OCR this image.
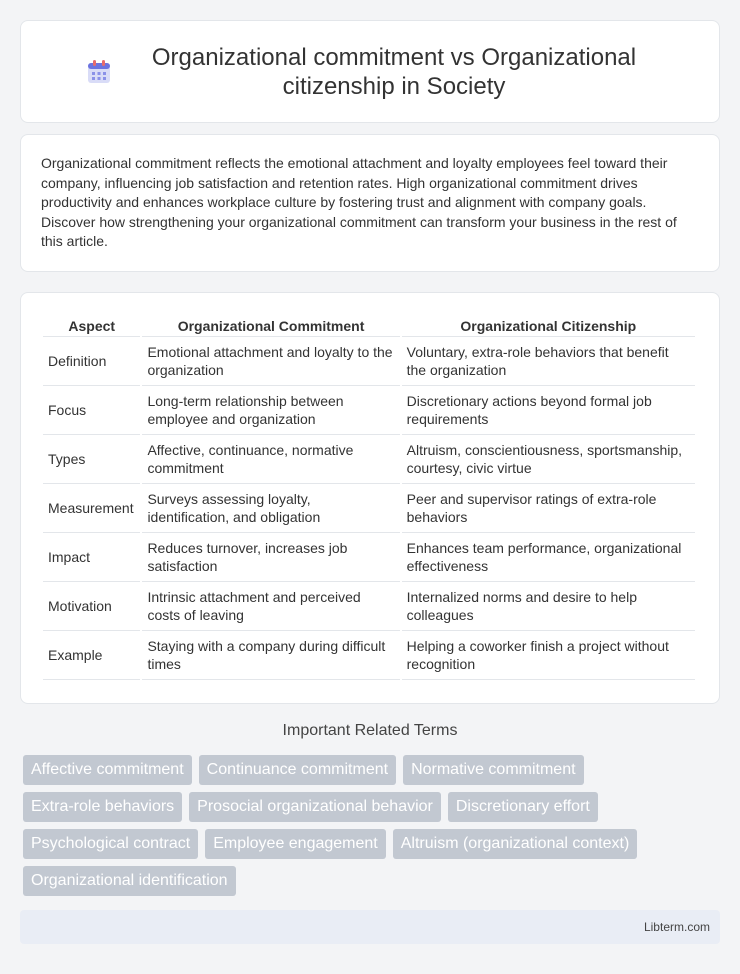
Organizational commitment vs Organizational citizenship in Society

Organizational commitment reflects the emotional attachment and loyalty employees feel toward their company, influencing job satisfaction and retention rates. High organizational commitment drives productivity and enhances workplace culture by fostering trust and alignment with company goals. Discover how strengthening your organizational commitment can transform your business in the rest of this article.

Aspect	Organizational Commitment	Organizational Citizenship
Definition	Emotional attachment and loyalty to the organization	Voluntary, extra-role behaviors that benefit the organization
Focus	Long-term relationship between employee and organization	Discretionary actions beyond formal job requirements
Types	Affective, continuance, normative commitment	Altruism, conscientiousness, sportsmanship, courtesy, civic virtue
Measurement	Surveys assessing loyalty, identification, and obligation	Peer and supervisor ratings of extra-role behaviors
Impact	Reduces turnover, increases job satisfaction	Enhances team performance, organizational effectiveness
Motivation	Intrinsic attachment and perceived costs of leaving	Internalized norms and desire to help colleagues
Example	Staying with a company during difficult times	Helping a coworker finish a project without recognition
Important Related Terms
Affective commitment	Continuance commitment	Normative commitment
Extra-role behaviors	Prosocial organizational behavior	Discretionary effort
Psychological contract	Employee engagement	Altruism (organizational context)
Organizational identification
Libterm.com
